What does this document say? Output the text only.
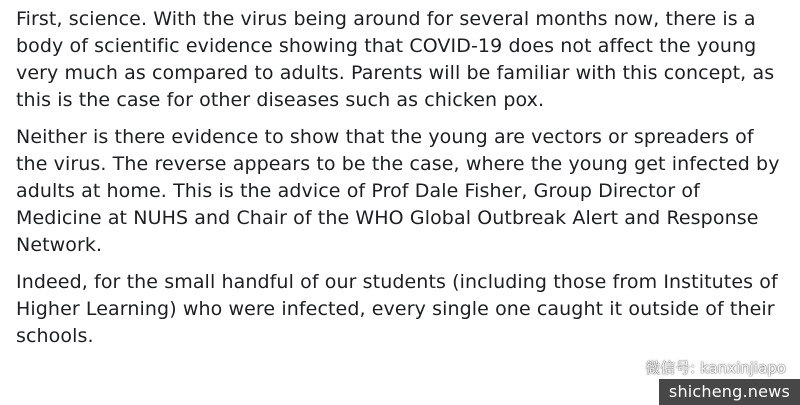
First, science. With the virus being around for several months now, there is a body of scientific evidence showing that COVID-19 does not affect the young very much as compared to adults. Parents will be familiar with this concept, as this is the case for other diseases such as chicken pox.

Neither is there evidence to show that the young are vectors or spreaders of the virus. The reverse appears to be the case, where the young get infected by adults at home. This is the advice of Prof Dale Fisher, Group Director of Medicine at NUHS and Chair of the WHO Global Outbreak Alert and Response Network.

Indeed, for the small handful of our students (including those from Institutes of Higher Learning) who were infected, every single one caught it outside of their schools.

微信号: kanxinjiapo
shicheng.news
